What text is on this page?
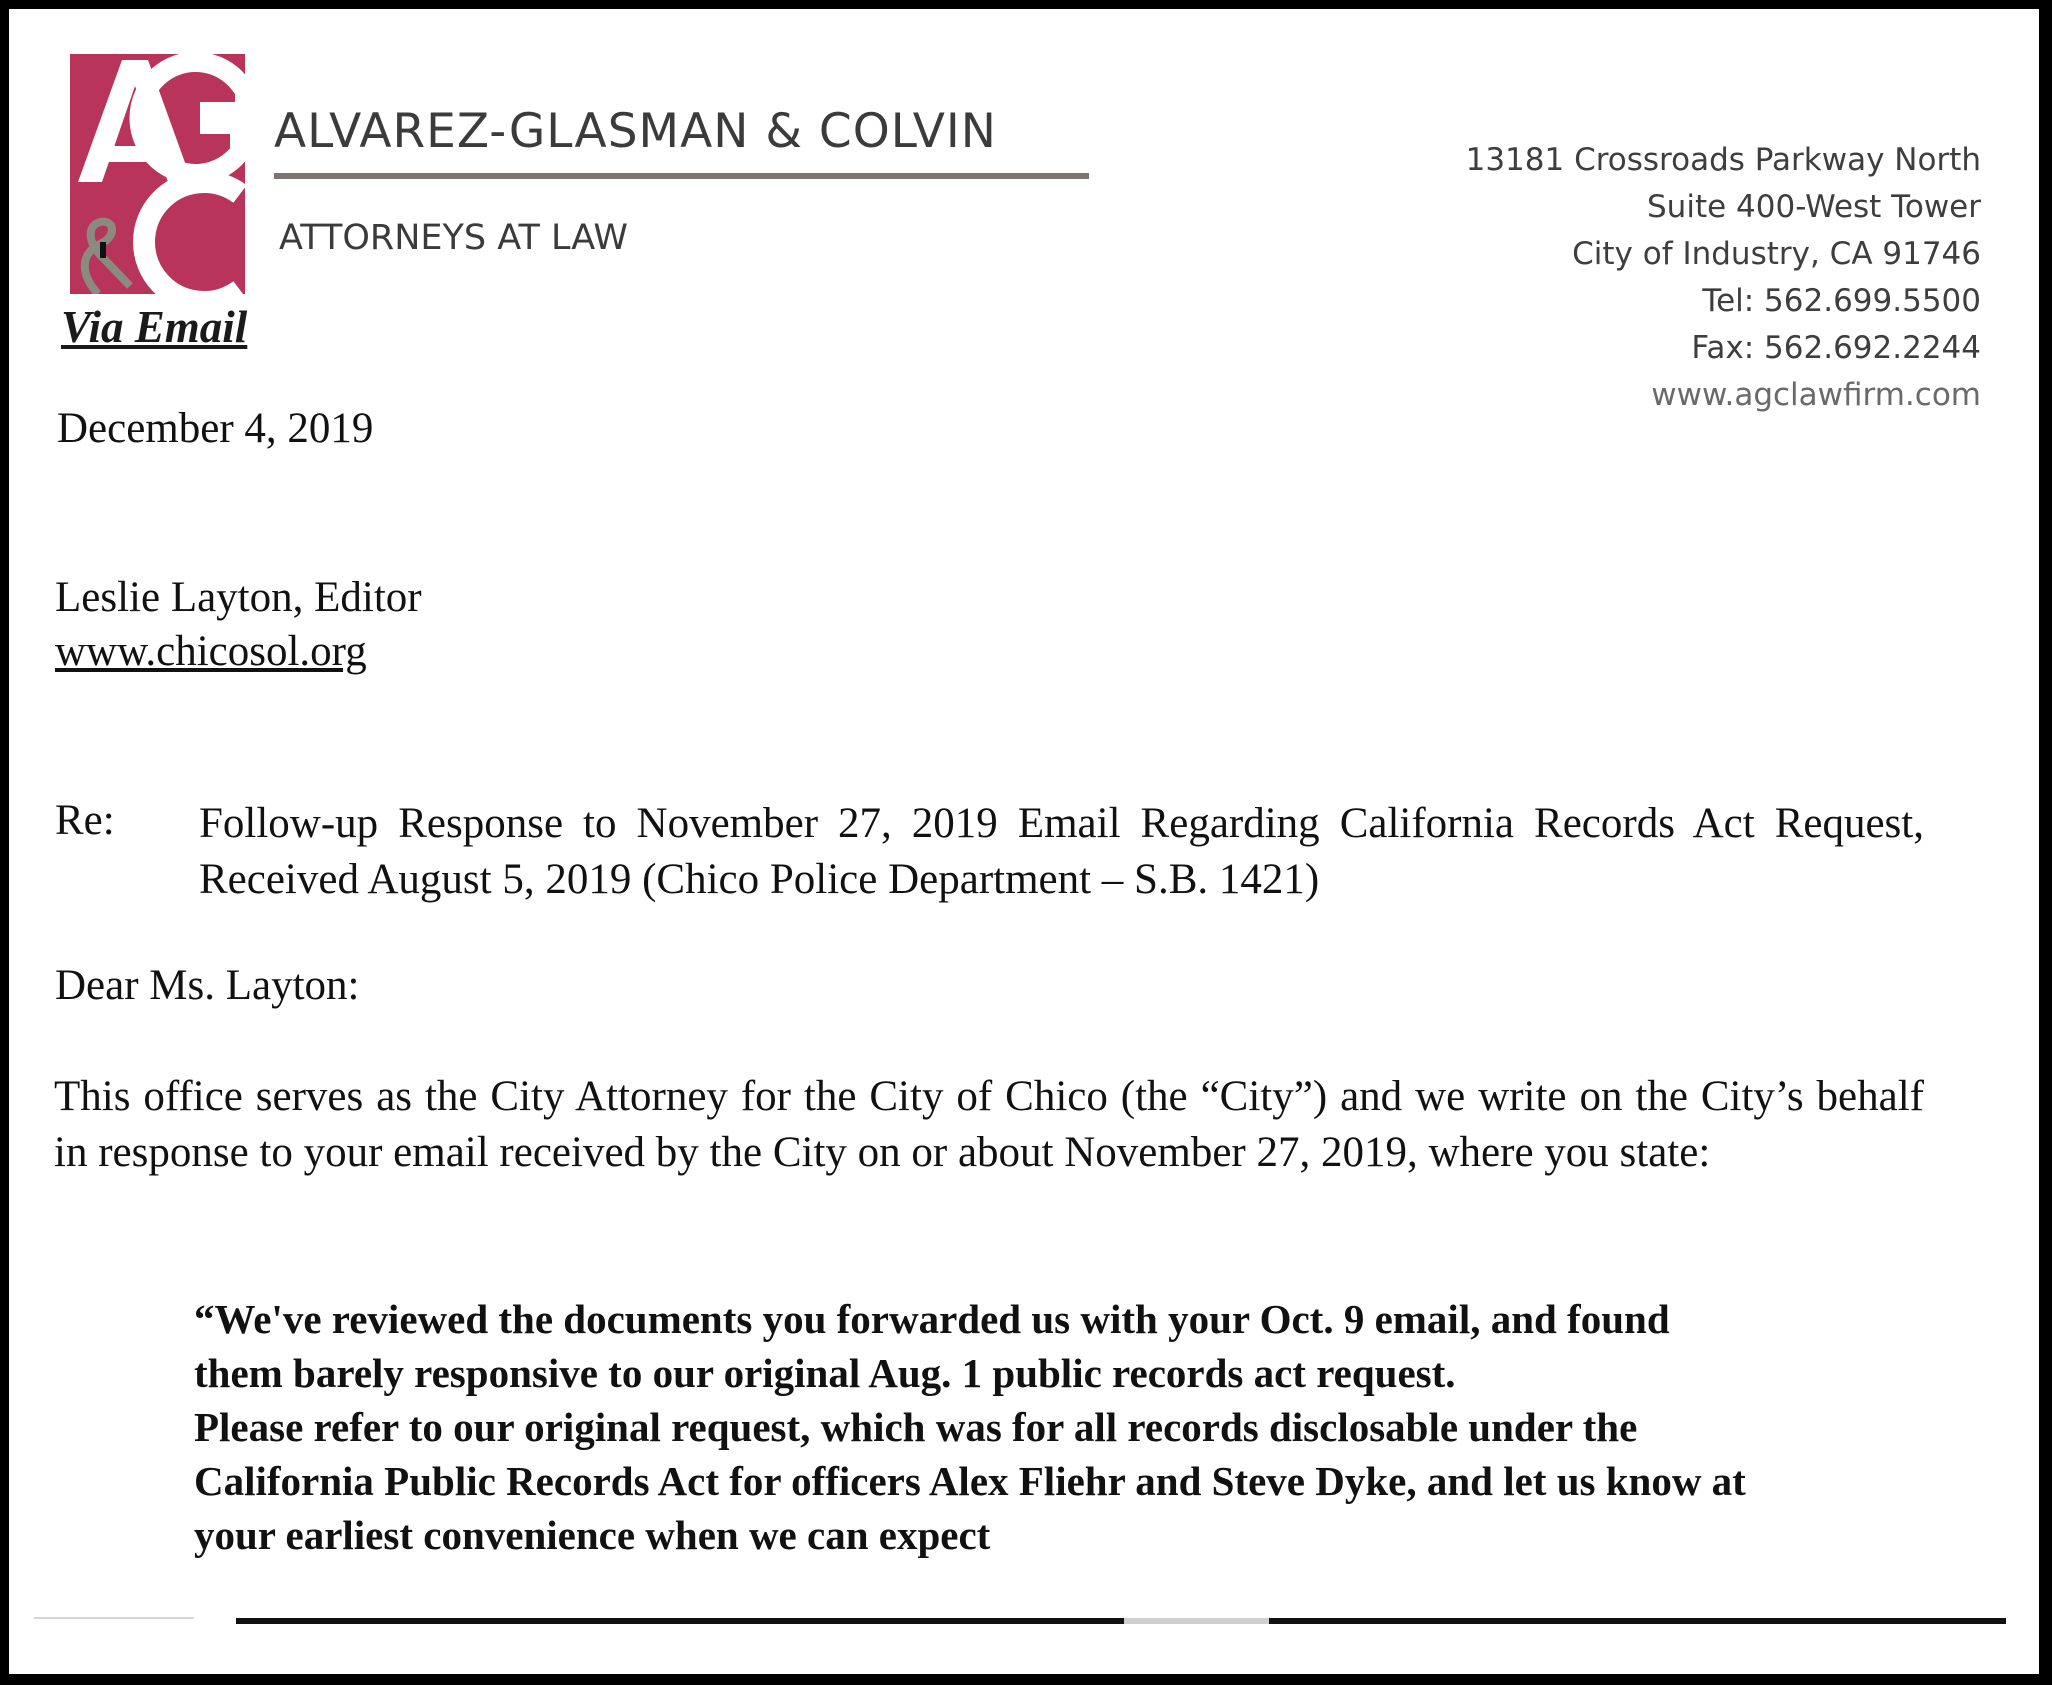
ALVAREZ-GLASMAN & COLVIN
ATTORNEYS AT LAW
Via Email
13181 Crossroads Parkway North
Suite 400-West Tower
City of Industry, CA 91746
Tel: 562.699.5500
Fax: 562.692.2244
www.agclawfirm.com
December 4, 2019
Leslie Layton, Editor
www.chicosol.org
Re: Follow-up Response to November 27, 2019 Email Regarding California Records Act Request, Received August 5, 2019 (Chico Police Department – S.B. 1421)
Dear Ms. Layton:
This office serves as the City Attorney for the City of Chico (the “City”) and we write on the City’s behalf in response to your email received by the City on or about November 27, 2019, where you state:

“We've reviewed the documents you forwarded us with your Oct. 9 email, and found them barely responsive to our original Aug. 1 public records act request.

Please refer to our original request, which was for all records disclosable under the California Public Records Act for officers Alex Fliehr and Steve Dyke, and let us know at your earliest convenience when we can expect
